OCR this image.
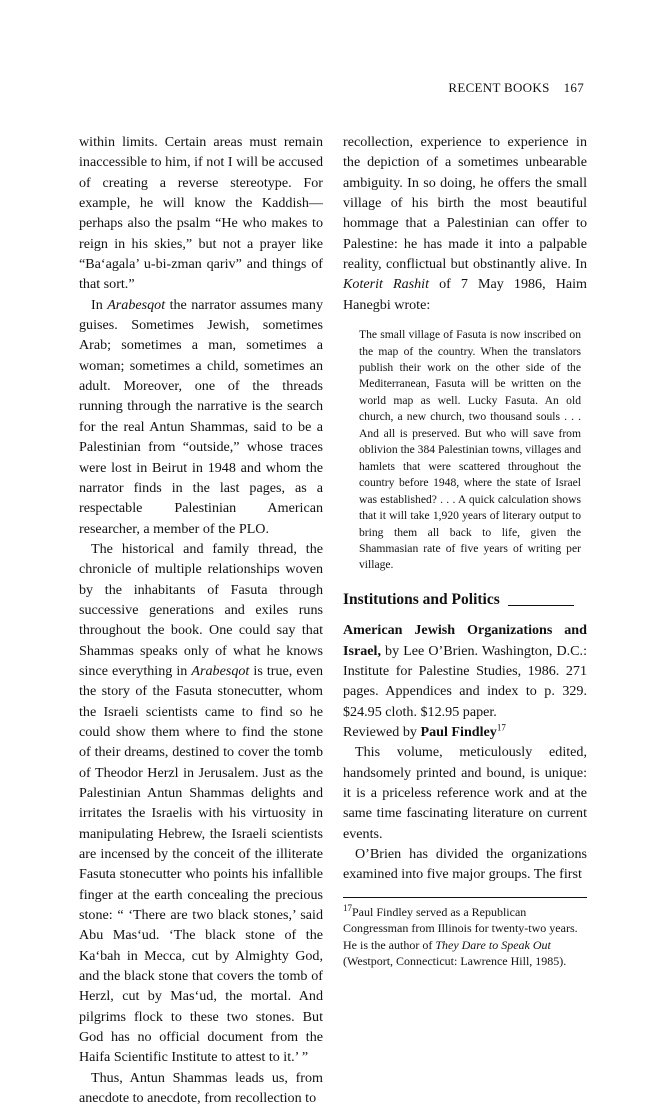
RECENT BOOKS 167

within limits. Certain areas must remain inaccessible to him, if not I will be accused of creating a reverse stereotype. For example, he will know the Kaddish—perhaps also the psalm “He who makes to reign in his skies,” but not a prayer like “Ba‘agala’ u-bi-zman qariv” and things of that sort.”

In Arabesqot the narrator assumes many guises. Sometimes Jewish, sometimes Arab; sometimes a man, sometimes a woman; sometimes a child, sometimes an adult. Moreover, one of the threads running through the narrative is the search for the real Antun Shammas, said to be a Palestinian from “outside,” whose traces were lost in Beirut in 1948 and whom the narrator finds in the last pages, as a respectable Palestinian American researcher, a member of the PLO.

The historical and family thread, the chronicle of multiple relationships woven by the inhabitants of Fasuta through successive generations and exiles runs throughout the book. One could say that Shammas speaks only of what he knows since everything in Arabesqot is true, even the story of the Fasuta stonecutter, whom the Israeli scientists came to find so he could show them where to find the stone of their dreams, destined to cover the tomb of Theodor Herzl in Jerusalem. Just as the Palestinian Antun Shammas delights and irritates the Israelis with his virtuosity in manipulating Hebrew, the Israeli scientists are incensed by the conceit of the illiterate Fasuta stonecutter who points his infallible finger at the earth concealing the precious stone: “ ‘There are two black stones,’ said Abu Mas‘ud. ‘The black stone of the Ka‘bah in Mecca, cut by Almighty God, and the black stone that covers the tomb of Herzl, cut by Mas‘ud, the mortal. And pilgrims flock to these two stones. But God has no official document from the Haifa Scientific Institute to attest to it.’ ”

Thus, Antun Shammas leads us, from anecdote to anecdote, from recollection to

recollection, experience to experience in the depiction of a sometimes unbearable ambiguity. In so doing, he offers the small village of his birth the most beautiful hommage that a Palestinian can offer to Palestine: he has made it into a palpable reality, conflictual but obstinantly alive. In Koterit Rashit of 7 May 1986, Haim Hanegbi wrote:

The small village of Fasuta is now inscribed on the map of the country. When the translators publish their work on the other side of the Mediterranean, Fasuta will be written on the world map as well. Lucky Fasuta. An old church, a new church, two thousand souls . . . And all is preserved. But who will save from oblivion the 384 Palestinian towns, villages and hamlets that were scattered throughout the country before 1948, where the state of Israel was established? . . . A quick calculation shows that it will take 1,920 years of literary output to bring them all back to life, given the Shammasian rate of five years of writing per village.
Institutions and Politics

American Jewish Organizations and Israel, by Lee O’Brien. Washington, D.C.: Institute for Palestine Studies, 1986. 271 pages. Appendices and index to p. 329. $24.95 cloth. $12.95 paper.

Reviewed by Paul Findley$^{17}$

This volume, meticulously edited, handsomely printed and bound, is unique: it is a priceless reference work and at the same time fascinating literature on current events.

O’Brien has divided the organizations examined into five major groups. The first

$^{17}$Paul Findley served as a Republican Congressman from Illinois for twenty-two years. He is the author of They Dare to Speak Out (Westport, Connecticut: Lawrence Hill, 1985).
